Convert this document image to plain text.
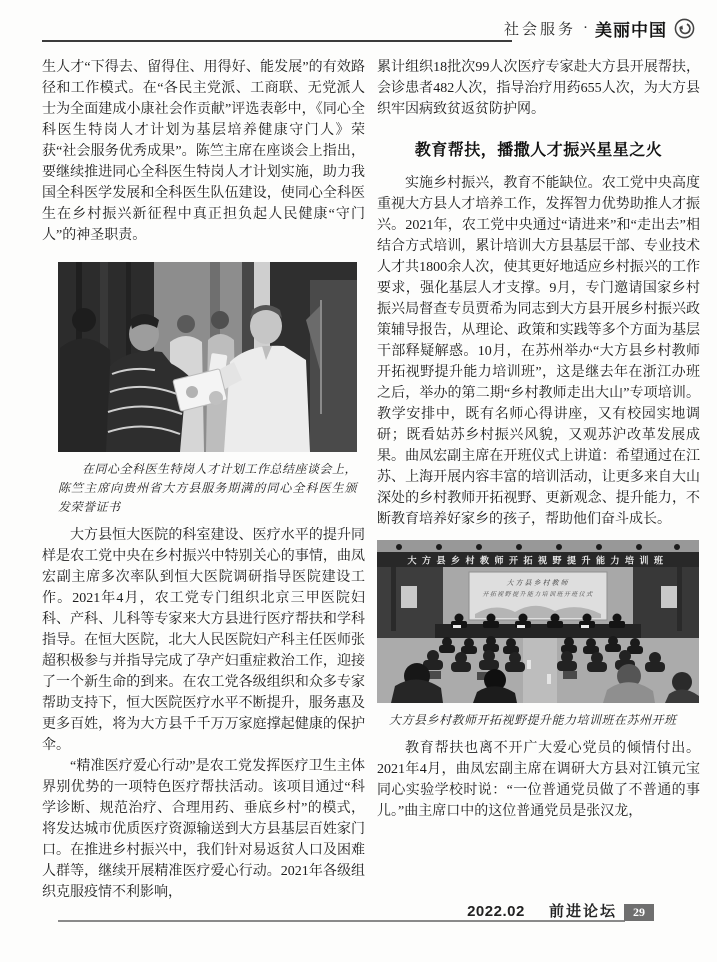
社会服务 · 美丽中国

生人才“下得去、留得住、用得好、能发展”的有效路径和工作模式。在“各民主党派、工商联、无党派人士为全面建成小康社会作贡献”评选表彰中，《同心全科医生特岗人才计划为基层培养健康守门人》荣获“社会服务优秀成果”。陈竺主席在座谈会上指出，要继续推进同心全科医生特岗人才计划实施，助力我国全科医学发展和全科医生队伍建设，使同心全科医生在乡村振兴新征程中真正担负起人民健康“守门人”的神圣职责。

在同心全科医生特岗人才计划工作总结座谈会上，陈竺主席向贵州省大方县服务期满的同心全科医生颁发荣誉证书

大方县恒大医院的科室建设、医疗水平的提升同样是农工党中央在乡村振兴中特别关心的事情，曲凤宏副主席多次率队到恒大医院调研指导医院建设工作。2021年4月，农工党专门组织北京三甲医院妇科、产科、儿科等专家来大方县进行医疗帮扶和学科指导。在恒大医院，北大人民医院妇产科主任医师张超积极参与并指导完成了孕产妇重症救治工作，迎接了一个新生命的到来。在农工党各级组织和众多专家帮助支持下，恒大医院医疗水平不断提升，服务惠及更多百姓，将为大方县千千万万家庭撑起健康的保护伞。

“精准医疗爱心行动”是农工党发挥医疗卫生主体界别优势的一项特色医疗帮扶活动。该项目通过“科学诊断、规范治疗、合理用药、垂底乡村”的模式，将发达城市优质医疗资源输送到大方县基层百姓家门口。在推进乡村振兴中，我们针对易返贫人口及困难人群等，继续开展精准医疗爱心行动。2021年各级组织克服疫情不利影响，

累计组织18批次99人次医疗专家赴大方县开展帮扶，会诊患者482人次，指导治疗用药655人次，为大方县织牢因病致贫返贫防护网。

教育帮扶，播撒人才振兴星星之火

实施乡村振兴，教育不能缺位。农工党中央高度重视大方县人才培养工作，发挥智力优势助推人才振兴。2021年，农工党中央通过“请进来”和“走出去”相结合方式培训，累计培训大方县基层干部、专业技术人才共1800余人次，使其更好地适应乡村振兴的工作要求，强化基层人才支撑。9月，专门邀请国家乡村振兴局督查专员贾希为同志到大方县开展乡村振兴政策辅导报告，从理论、政策和实践等多个方面为基层干部释疑解惑。10月，在苏州举办“大方县乡村教师开拓视野提升能力培训班”，这是继去年在浙江办班之后，举办的第二期“乡村教师走出大山”专项培训。教学安排中，既有名师心得讲座，又有校园实地调研；既看姑苏乡村振兴风貌，又观苏沪改革发展成果。曲凤宏副主席在开班仪式上讲道：希望通过在江苏、上海开展内容丰富的培训活动，让更多来自大山深处的乡村教师开拓视野、更新观念、提升能力，不断教育培养好家乡的孩子，帮助他们奋斗成长。

大方县乡村教师开拓视野提升能力培训班
大方县乡村教师
开拓视野提升能力培训班开班仪式
大方县乡村教师开拓视野提升能力培训班在苏州开班

教育帮扶也离不开广大爱心党员的倾情付出。2021年4月，曲凤宏副主席在调研大方县对江镇元宝同心实验学校时说：“一位普通党员做了不普通的事儿。”曲主席口中的这位普通党员是张汉龙，

2022.02 前进论坛	29
